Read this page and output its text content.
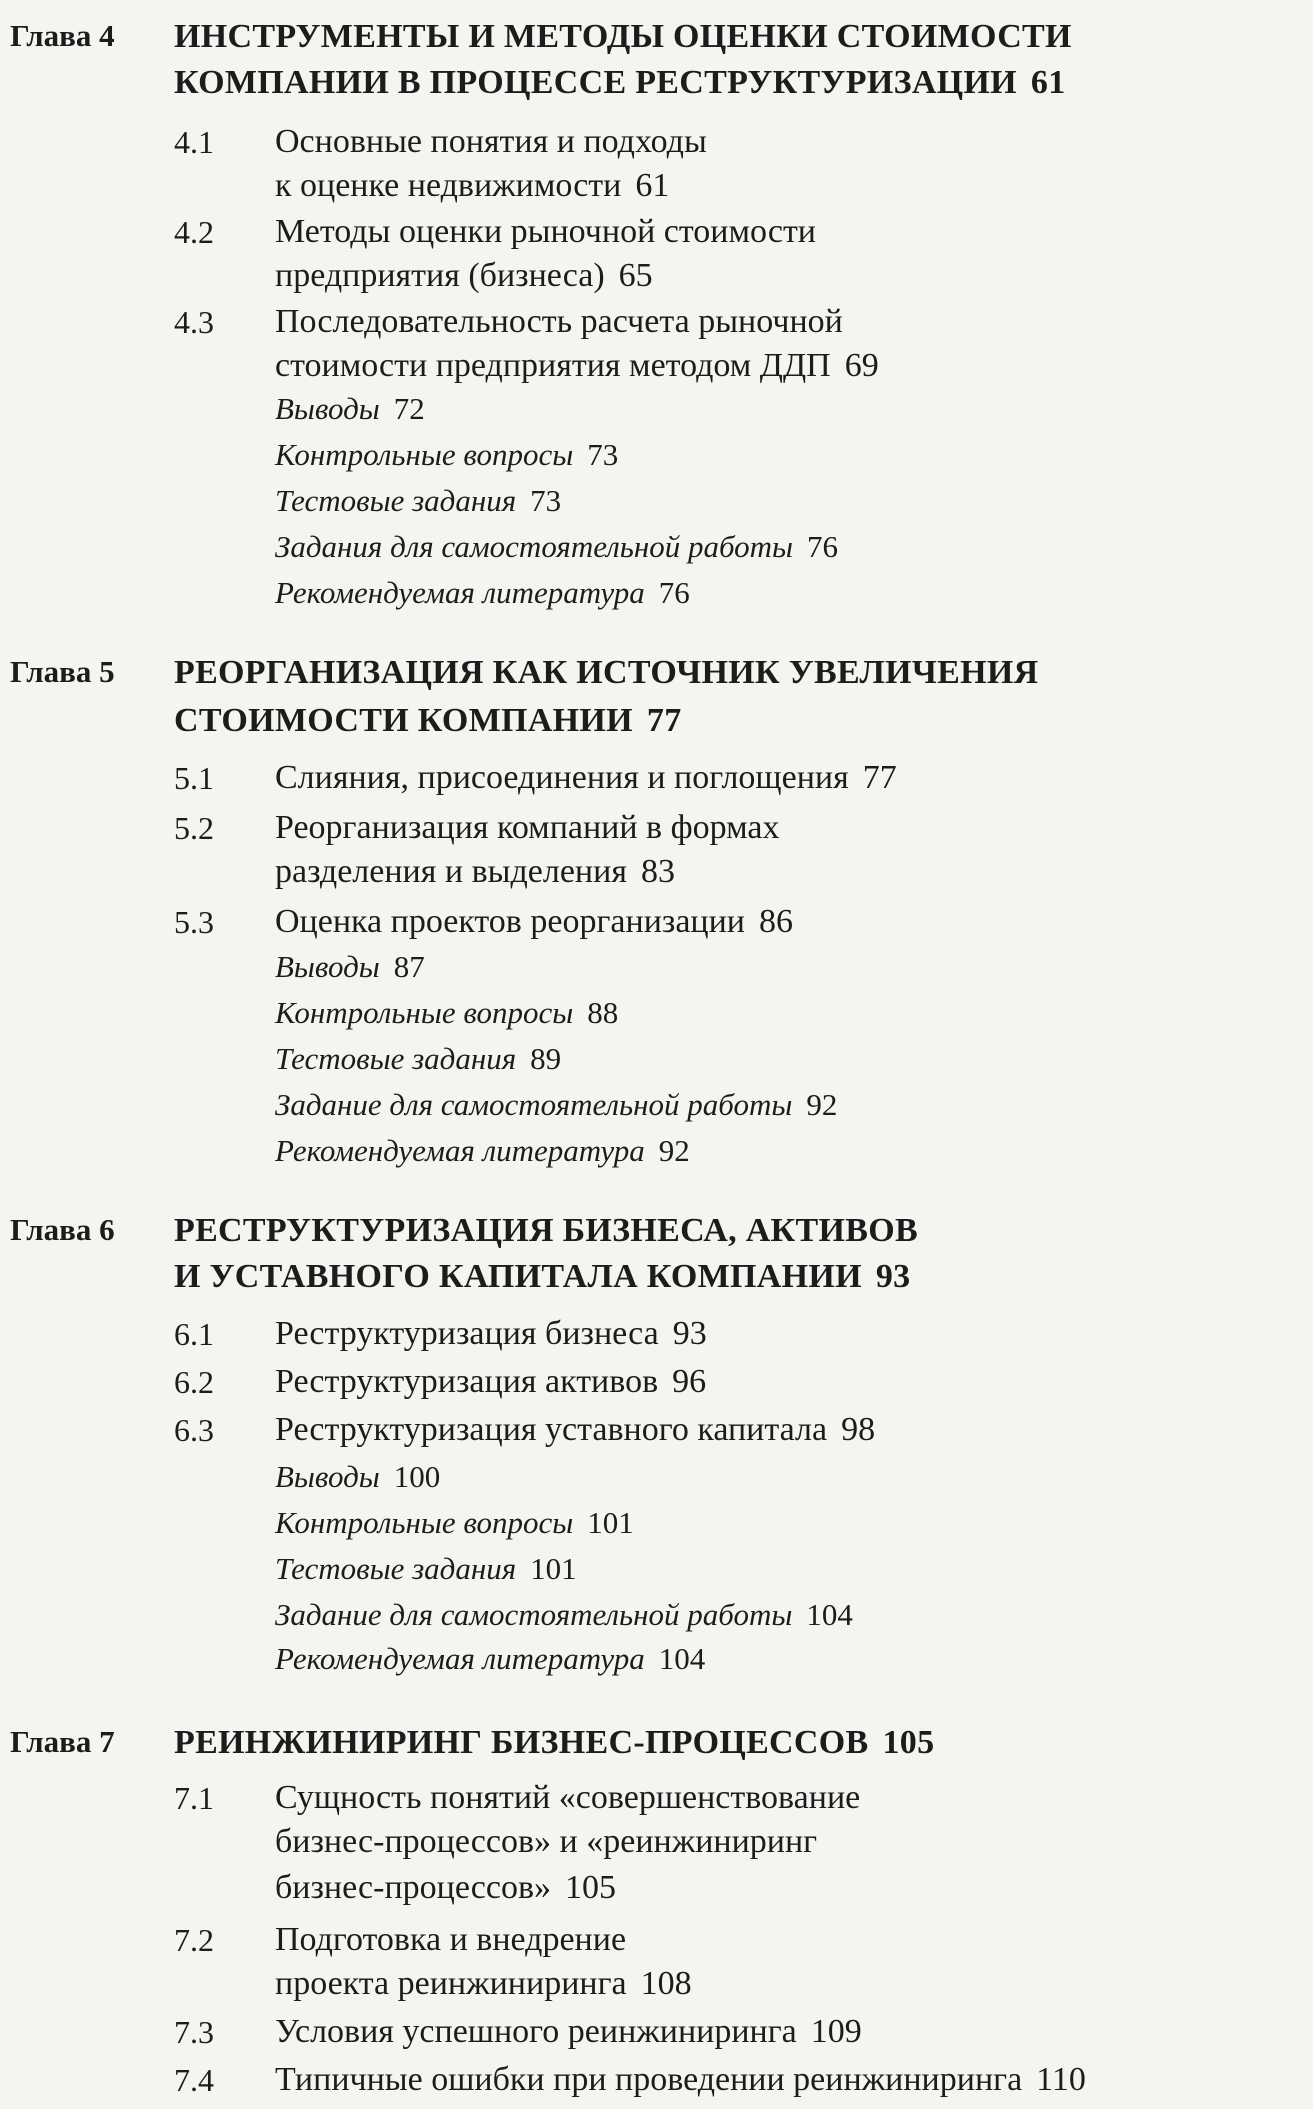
Глава 4 ИНСТРУМЕНТЫ И МЕТОДЫ ОЦЕНКИ СТОИМОСТИ
КОМПАНИИ В ПРОЦЕССЕ РЕСТРУКТУРИЗАЦИИ 61
4.1 Основные понятия и подходы
к оценке недвижимости 61
4.2 Методы оценки рыночной стоимости
предприятия (бизнеса) 65
4.3 Последовательность расчета рыночной
стоимости предприятия методом ДДП 69
Выводы 72
Контрольные вопросы 73
Тестовые задания 73
Задания для самостоятельной работы 76
Рекомендуемая литература 76
Глава 5 РЕОРГАНИЗАЦИЯ КАК ИСТОЧНИК УВЕЛИЧЕНИЯ
СТОИМОСТИ КОМПАНИИ 77
5.1 Слияния, присоединения и поглощения 77
5.2 Реорганизация компаний в формах
разделения и выделения 83
5.3 Оценка проектов реорганизации 86
Выводы 87
Контрольные вопросы 88
Тестовые задания 89
Задание для самостоятельной работы 92
Рекомендуемая литература 92
Глава 6 РЕСТРУКТУРИЗАЦИЯ БИЗНЕСА, АКТИВОВ
И УСТАВНОГО КАПИТАЛА КОМПАНИИ 93
6.1 Реструктуризация бизнеса 93
6.2 Реструктуризация активов 96
6.3 Реструктуризация уставного капитала 98
Выводы 100
Контрольные вопросы 101
Тестовые задания 101
Задание для самостоятельной работы 104
Рекомендуемая литература 104
Глава 7 РЕИНЖИНИРИНГ БИЗНЕС-ПРОЦЕССОВ 105
7.1 Сущность понятий «совершенствование
бизнес-процессов» и «реинжиниринг
бизнес-процессов» 105
7.2 Подготовка и внедрение
проекта реинжиниринга 108
7.3 Условия успешного реинжиниринга 109
7.4 Типичные ошибки при проведении реинжиниринга 110
